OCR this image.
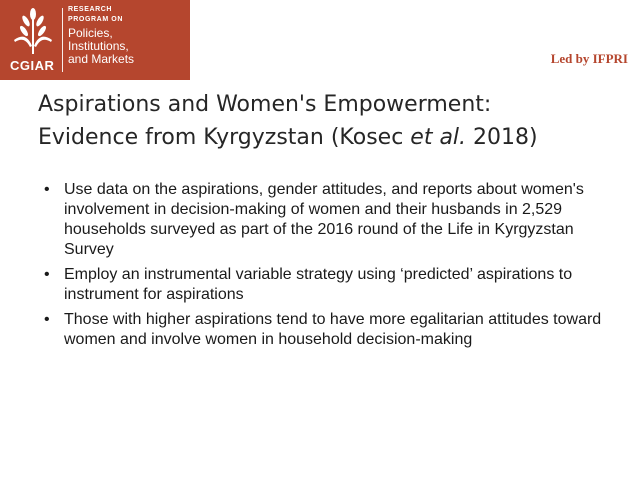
CGIAR
RESEARCH
PROGRAM ON
Policies,
Institutions,
and Markets	Led by IFPRI
Aspirations and Women's Empowerment:
Evidence from Kyrgyzstan (Kosec et al. 2018)
• Use data on the aspirations, gender attitudes, and reports about women's involvement in decision-making of women and their husbands in 2,529 households surveyed as part of the 2016 round of the Life in Kyrgyzstan Survey
• Employ an instrumental variable strategy using ‘predicted’ aspirations to instrument for aspirations
• Those with higher aspirations tend to have more egalitarian attitudes toward women and involve women in household decision-making
